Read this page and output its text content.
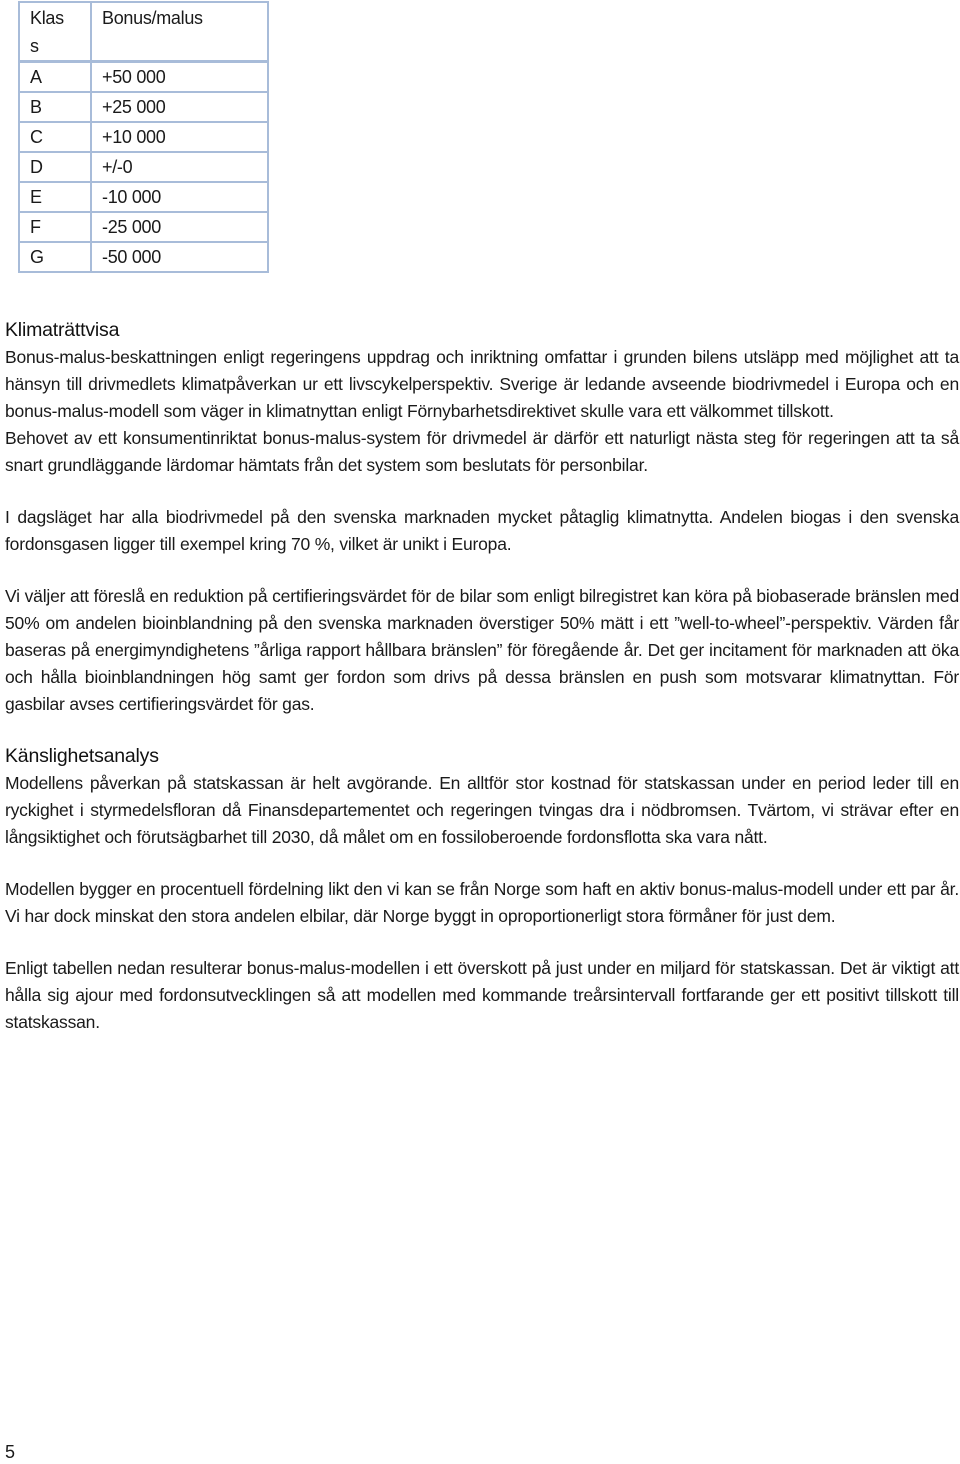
Klass	Bonus/malus
A	+50 000
B	+25 000
C	+10 000
D	+/-0
E	-10 000
F	-25 000
G	-50 000
Klimaträttvisa

Bonus-malus-beskattningen enligt regeringens uppdrag och inriktning omfattar i grunden bilens utsläpp med möjlighet att ta hänsyn till drivmedlets klimatpåverkan ur ett livscykelperspektiv. Sverige är ledande avseende biodrivmedel i Europa och en bonus-malus-modell som väger in klimatnyttan enligt Förnybarhetsdirektivet skulle vara ett välkommet tillskott.

Behovet av ett konsumentinriktat bonus-malus-system för drivmedel är därför ett naturligt nästa steg för regeringen att ta så snart grundläggande lärdomar hämtats från det system som beslutats för personbilar.

I dagsläget har alla biodrivmedel på den svenska marknaden mycket påtaglig klimatnytta. Andelen biogas i den svenska fordonsgasen ligger till exempel kring 70 %, vilket är unikt i Europa.

Vi väljer att föreslå en reduktion på certifieringsvärdet för de bilar som enligt bilregistret kan köra på biobaserade bränslen med 50% om andelen bioinblandning på den svenska marknaden överstiger 50% mätt i ett ”well-to-wheel”-perspektiv. Värden får baseras på energimyndighetens ”årliga rapport hållbara bränslen” för föregående år. Det ger incitament för marknaden att öka och hålla bioinblandningen hög samt ger fordon som drivs på dessa bränslen en push som motsvarar klimatnyttan. För gasbilar avses certifieringsvärdet för gas.

Känslighetsanalys

Modellens påverkan på statskassan är helt avgörande. En alltför stor kostnad för statskassan under en period leder till en ryckighet i styrmedelsfloran då Finansdepartementet och regeringen tvingas dra i nödbromsen. Tvärtom, vi strävar efter en långsiktighet och förutsägbarhet till 2030, då målet om en fossiloberoende fordonsflotta ska vara nått.

Modellen bygger en procentuell fördelning likt den vi kan se från Norge som haft en aktiv bonus-malus-modell under ett par år. Vi har dock minskat den stora andelen elbilar, där Norge byggt in oproportionerligt stora förmåner för just dem.

Enligt tabellen nedan resulterar bonus-malus-modellen i ett överskott på just under en miljard för statskassan. Det är viktigt att hålla sig ajour med fordonsutvecklingen så att modellen med kommande treårsintervall fortfarande ger ett positivt tillskott till statskassan.

5
